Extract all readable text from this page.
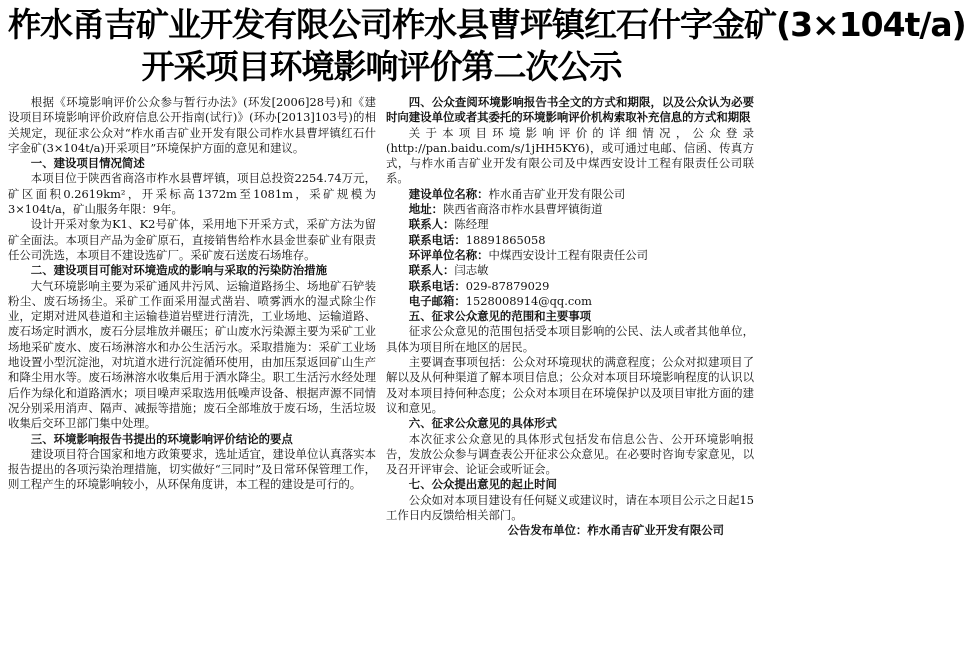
柞水甬吉矿业开发有限公司柞水县曹坪镇红石什字金矿(3×104t/a)
开采项目环境影响评价第二次公示

根据《环境影响评价公众参与暂行办法》(环发[2006]28号)和《建设项目环境影响评价政府信息公开指南(试行)》(环办[2013]103号)的相关规定，现征求公众对“柞水甬吉矿业开发有限公司柞水县曹坪镇红石什字金矿(3×104t/a)开采项目”环境保护方面的意见和建议。

一、建设项目情况简述

本项目位于陕西省商洛市柞水县曹坪镇，项目总投资2254.74万元，矿区面积0.2619km²，开采标高1372m至1081m，采矿规模为3×104t/a，矿山服务年限：9年。

设计开采对象为K1、K2号矿体，采用地下开采方式，采矿方法为留矿全面法。本项目产品为金矿原石，直接销售给柞水县金世泰矿业有限责任公司洗选，本项目不建设选矿厂。采矿废石送废石场堆存。

二、建设项目可能对环境造成的影响与采取的污染防治措施

大气环境影响主要为采矿通风井污风、运输道路扬尘、场地矿石铲装粉尘、废石场扬尘。采矿工作面采用湿式凿岩、喷雾洒水的湿式除尘作业，定期对进风巷道和主运输巷道岩壁进行清洗，工业场地、运输道路、废石场定时洒水，废石分层堆放并碾压；矿山废水污染源主要为采矿工业场地采矿废水、废石场淋溶水和办公生活污水。采取措施为：采矿工业场地设置小型沉淀池，对坑道水进行沉淀循环使用，由加压泵返回矿山生产和降尘用水等。废石场淋溶水收集后用于洒水降尘。职工生活污水经处理后作为绿化和道路洒水；项目噪声采取选用低噪声设备、根据声源不同情况分别采用消声、隔声、减振等措施；废石全部堆放于废石场，生活垃圾收集后交环卫部门集中处理。

三、环境影响报告书提出的环境影响评价结论的要点

建设项目符合国家和地方政策要求，选址适宜，建设单位认真落实本报告提出的各项污染治理措施，切实做好“三同时”及日常环保管理工作，则工程产生的环境影响较小，从环保角度讲，本工程的建设是可行的。

四、公众查阅环境影响报告书全文的方式和期限，以及公众认为必要时向建设单位或者其委托的环境影响评价机构索取补充信息的方式和期限

关于本项目环境影响评价的详细情况，公众登录(http://pan.baidu.com/s/1jHH5KY6)，或可通过电邮、信函、传真方式，与柞水甬吉矿业开发有限公司及中煤西安设计工程有限责任公司联系。

建设单位名称：柞水甬吉矿业开发有限公司

地址：陕西省商洛市柞水县曹坪镇街道

联系人：陈经理

联系电话：18891865058

环评单位名称：中煤西安设计工程有限责任公司

联系人：闫志敏

联系电话：029-87879029

电子邮箱：1528008914@qq.com

五、征求公众意见的范围和主要事项

征求公众意见的范围包括受本项目影响的公民、法人或者其他单位，具体为项目所在地区的居民。

主要调查事项包括：公众对环境现状的满意程度；公众对拟建项目了解以及从何种渠道了解本项目信息；公众对本项目环境影响程度的认识以及对本项目持何种态度；公众对本项目在环境保护以及项目审批方面的建议和意见。

六、征求公众意见的具体形式

本次征求公众意见的具体形式包括发布信息公告、公开环境影响报告，发放公众参与调查表公开征求公众意见。在必要时咨询专家意见，以及召开评审会、论证会或听证会。

七、公众提出意见的起止时间

公众如对本项目建设有任何疑义或建议时，请在本项目公示之日起15工作日内反馈给相关部门。

公告发布单位：柞水甬吉矿业开发有限公司
